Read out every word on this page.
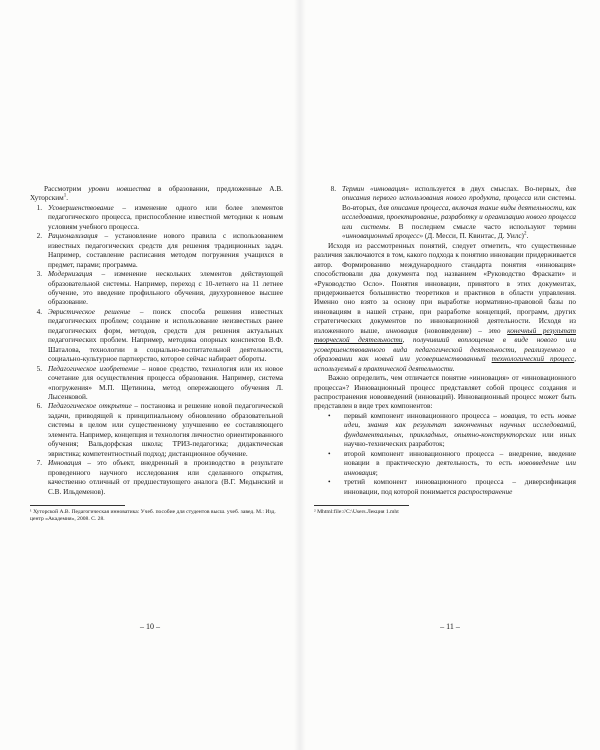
Рассмотрим уровни новшества в образовании, предложенные А.В. Хуторским$^1$.

1. Усовершенствование – изменение одного или более элементов педагогического процесса, приспособление известной методики к новым условиям учебного процесса.
2. Рационализация – установление нового правила с использованием известных педагогических средств для решения традиционных задач. Например, составление расписания методом погружения учащихся в предмет, парами; программа.
3. Модернизация – изменение нескольких элементов действующей образовательной системы. Например, переход с 10-летнего на 11 летнее обучение, это введение профильного обучения, двухуровневое высшее образование.
4. Эвристическое решение – поиск способа решения известных педагогических проблем; создание и использование неизвестных ранее педагогических форм, методов, средств для решения актуальных педагогических проблем. Например, методика опорных конспектов В.Ф. Шаталова, технологии в социально-воспитательной деятельности, социально-культурное партнерство, которое сейчас набирает обороты.
5. Педагогическое изобретение – новое средство, технология или их новое сочетание для осуществления процесса образования. Например, система «погружения» М.П. Щетинина, метод опережающего обучения Л. Лысенковой.
6. Педагогическое открытие – постановка и решение новой педагогической задачи, приводящей к принципиальному обновлению образовательной системы в целом или существенному улучшению ее составляющего элемента. Например, концепция и технология личностно ориентированного обучения; Вальдорфская школа; ТРИЗ-педагогика; дидактическая эвристика; компетентностный подход; дистанционное обучение.
7. Инновация – это объект, внедренный в производство в результате проведенного научного исследования или сделанного открытия, качественно отличный от предшествующего аналога (В.Г. Медынский и С.В. Ильдеменов).

¹ Хуторской А.В. Педагогическая инноватика: Учеб. пособие для студентов высш. учеб. завед. М.: Изд. центр «Академия», 2008. С. 28.

– 10 –
8. Термин «инновация» используется в двух смыслах. Во-первых, для описания первого использования нового продукта, процесса или системы. Во-вторых, для описания процесса, включая такие виды деятельности, как исследования, проектирование, разработку и организацию нового процесса или системы. В последнем смысле часто используют термин «инновационный процесс» (Д. Месси, П. Квинтас, Д. Уилс)$^2$.

Исходя из рассмотренных понятий, следует отметить, что существенные различия заключаются в том, какого подхода к понятию инновации придерживается автор. Формированию международного стандарта понятия «инновация» способствовали два документа под названием «Руководство Фраскати» и «Руководство Осло». Понятия инновации, принятого в этих документах, придерживается большинство теоретиков и практиков в области управления. Именно оно взято за основу при выработке нормативно-правовой базы по инновациям в нашей стране, при разработке концепций, программ, других стратегических документов по инновационной деятельности. Исходя из изложенного выше, инновация (нововведение) – это конечный результат творческой деятельности, получивший воплощение в виде нового или усовершенствованного вида педагогической деятельности, реализуемого в образовании как новый или усовершенствованный технологический процесс, используемый в практической деятельности.

Важно определить, чем отличается понятие «инновация» от «инновационного процесса»? Инновационный процесс представляет собой процесс создания и распространения нововведений (инноваций). Инновационный процесс может быть представлен в виде трех компонентов:

•	первый компонент инновационного процесса – новация, то есть новые идеи, знания как результат законченных научных исследований, фундаментальных, прикладных, опытно-конструкторских или иных научно-технических разработок;
•	второй компонент инновационного процесса – внедрение, введение новации в практическую деятельность, то есть нововведение или инновация;
•	третий компонент инновационного процесса – диверсификация инновации, под которой понимается распространение

² Mhtml:file://C:\Users.Лекция 1.mht

– 11 –
